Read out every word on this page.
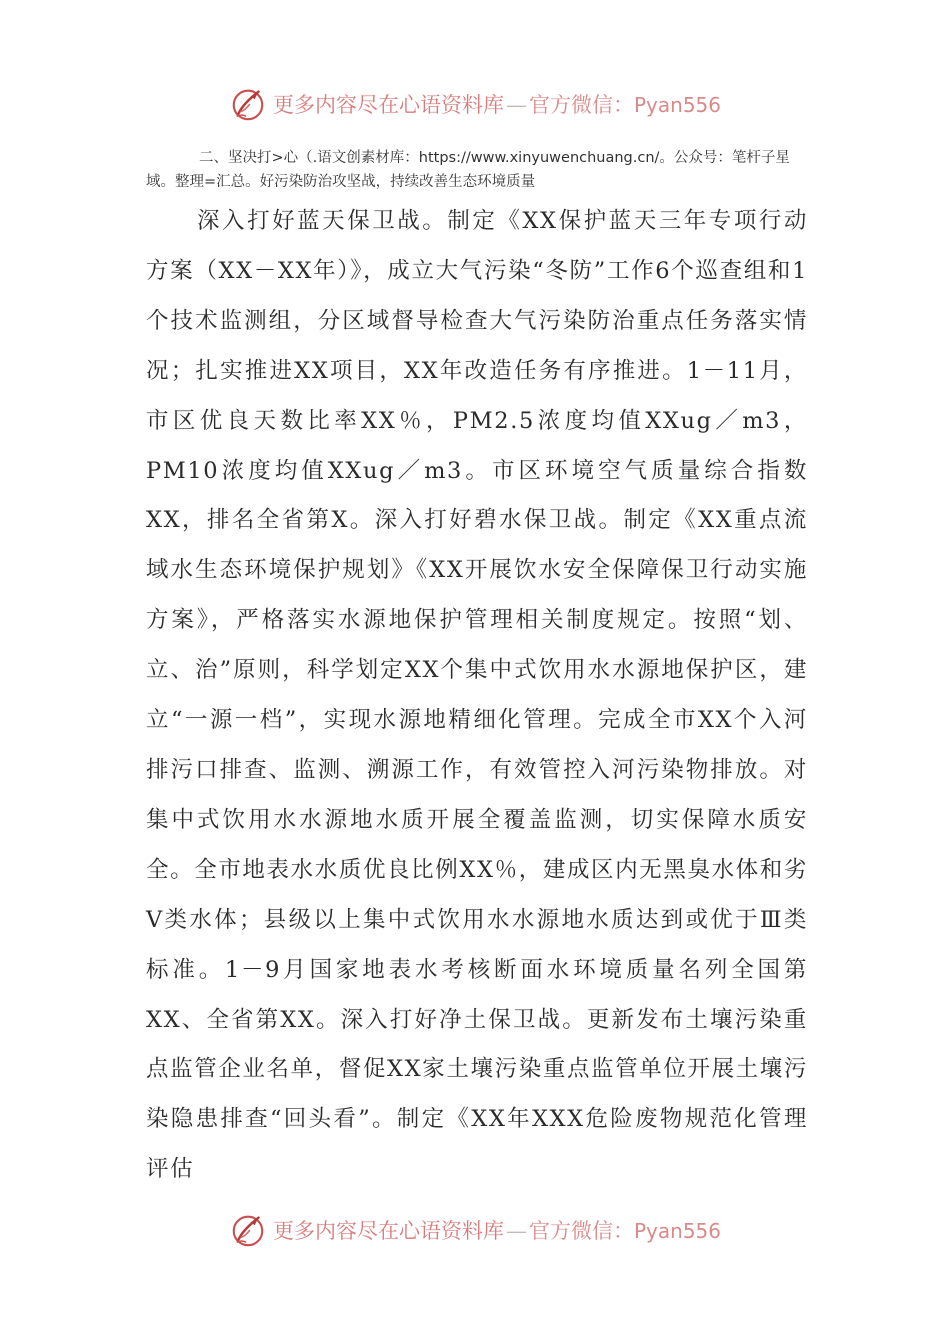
更多内容尽在心语资料库—官方微信：Pyan556
二、坚决打>心（.语文创素材库：https://www.xinyuwenchuang.cn/。公众号：笔杆子星域。整理=汇总。好污染防治攻坚战，持续改善生态环境质量
深入打好蓝天保卫战。制定《XX保护蓝天三年专项行动方案（XX－XX年）》，成立大气污染“冬防”工作6个巡查组和1个技术监测组，分区域督导检查大气污染防治重点任务落实情况；扎实推进XX项目，XX年改造任务有序推进。1－11月，市区优良天数比率XX％，PM2.5浓度均值XXug／m3，PM10浓度均值XXug／m3。市区环境空气质量综合指数XX，排名全省第X。深入打好碧水保卫战。制定《XX重点流域水生态环境保护规划》《XX开展饮水安全保障保卫行动实施方案》，严格落实水源地保护管理相关制度规定。按照“划、立、治”原则，科学划定XX个集中式饮用水水源地保护区，建立“一源一档”，实现水源地精细化管理。完成全市XX个入河排污口排查、监测、溯源工作，有效管控入河污染物排放。对集中式饮用水水源地水质开展全覆盖监测，切实保障水质安全。全市地表水水质优良比例XX％，建成区内无黑臭水体和劣Ⅴ类水体；县级以上集中式饮用水水源地水质达到或优于Ⅲ类标准。1－9月国家地表水考核断面水环境质量名列全国第XX、全省第XX。深入打好净土保卫战。更新发布土壤污染重点监管企业名单，督促XX家土壤污染重点监管单位开展土壤污染隐患排查“回头看”。制定《XX年XXX危险废物规范化管理评估
更多内容尽在心语资料库—官方微信：Pyan556
